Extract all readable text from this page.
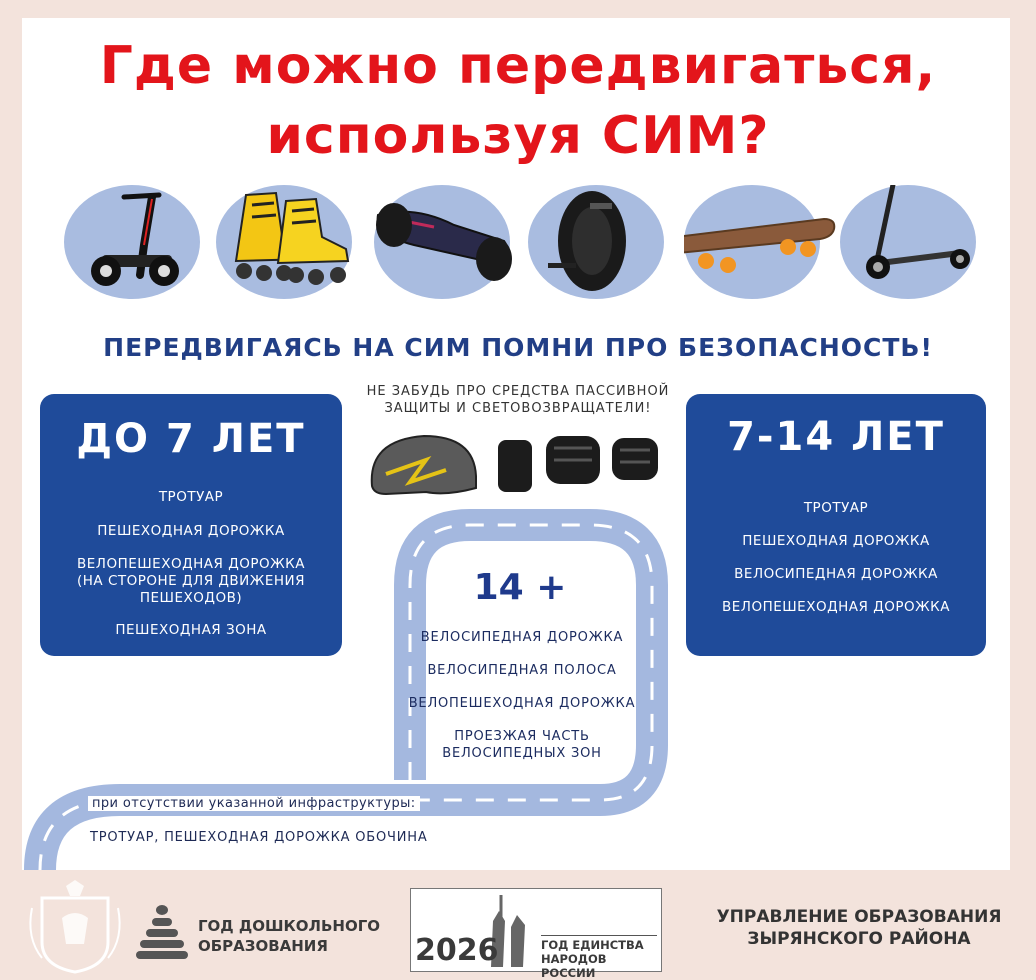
Где можно передвигаться,
используя СИМ?
ПЕРЕДВИГАЯСЬ НА СИМ ПОМНИ ПРО БЕЗОПАСНОСТЬ!
НЕ ЗАБУДЬ ПРО СРЕДСТВА ПАССИВНОЙ
ЗАЩИТЫ И СВЕТОВОЗВРАЩАТЕЛИ!
ДО 7 ЛЕТ
ТРОТУАР
ПЕШЕХОДНАЯ ДОРОЖКА
ВЕЛОПЕШЕХОДНАЯ ДОРОЖКА
(НА СТОРОНЕ ДЛЯ ДВИЖЕНИЯ
ПЕШЕХОДОВ)
ПЕШЕХОДНАЯ ЗОНА
7-14 ЛЕТ
ТРОТУАР
ПЕШЕХОДНАЯ ДОРОЖКА
ВЕЛОСИПЕДНАЯ ДОРОЖКА
ВЕЛОПЕШЕХОДНАЯ ДОРОЖКА
14 +
ВЕЛОСИПЕДНАЯ ДОРОЖКА
ВЕЛОСИПЕДНАЯ ПОЛОСА
ВЕЛОПЕШЕХОДНАЯ ДОРОЖКА
ПРОЕЗЖАЯ ЧАСТЬ
ВЕЛОСИПЕДНЫХ ЗОН
при отсутствии указанной инфраструктуры:
ТРОТУАР, ПЕШЕХОДНАЯ ДОРОЖКА ОБОЧИНА
ГОД ДОШКОЛЬНОГО
ОБРАЗОВАНИЯ	2026	ГОД ЕДИНСТВА
НАРОДОВ РОССИИ
УПРАВЛЕНИЕ ОБРАЗОВАНИЯ
ЗЫРЯНСКОГО РАЙОНА
